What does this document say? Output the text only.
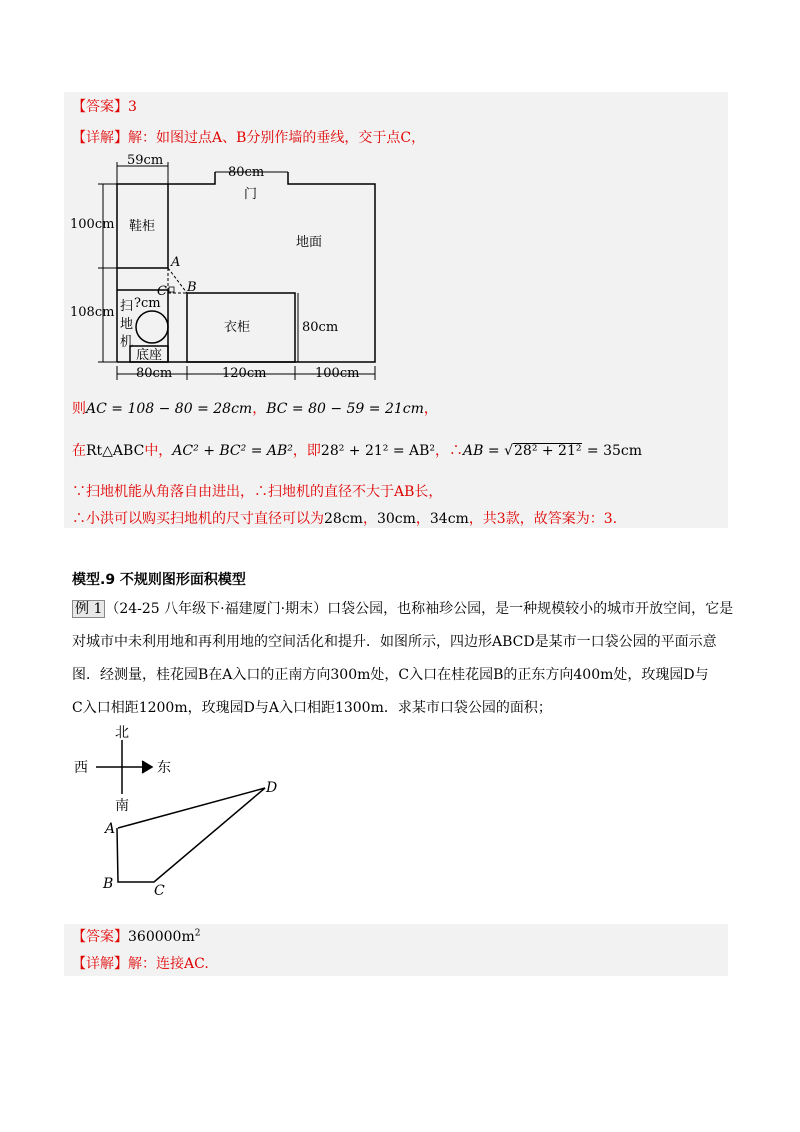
【答案】3
【详解】解：如图过点A、B分别作墙的垂线，交于点C，
59cm
80cm
门
100cm 鞋柜
地面
A
B
C
?cm
108cm 扫
地
机
衣柜	80cm
底座
80cm	120cm	100cm
则AC = 108 − 80 = 28cm，BC = 80 − 59 = 21cm，
在Rt△ABC中，AC² + BC² = AB²，即28² + 21² = AB²，∴AB = √28² + 21² = 35cm
∵扫地机能从角落自由进出，∴扫地机的直径不大于AB长，
∴小洪可以购买扫地机的尺寸直径可以为28cm，30cm，34cm，共3款，故答案为：3.
模型.9 不规则图形面积模型
例 1 （24-25 八年级下·福建厦门·期末）口袋公园，也称袖珍公园，是一种规模较小的城市开放空间，它是
对城市中未利用地和再利用地的空间活化和提升．如图所示，四边形ABCD是某市一口袋公园的平面示意
图．经测量，桂花园B在A入口的正南方向300m处，C入口在桂花园B的正东方向400m处，玫瑰园D与
C入口相距1200m，玫瑰园D与A入口相距1300m．求某市口袋公园的面积；
北
西	东
南
A
B	C
D
【答案】$360000m^2$
【详解】解：连接AC.
